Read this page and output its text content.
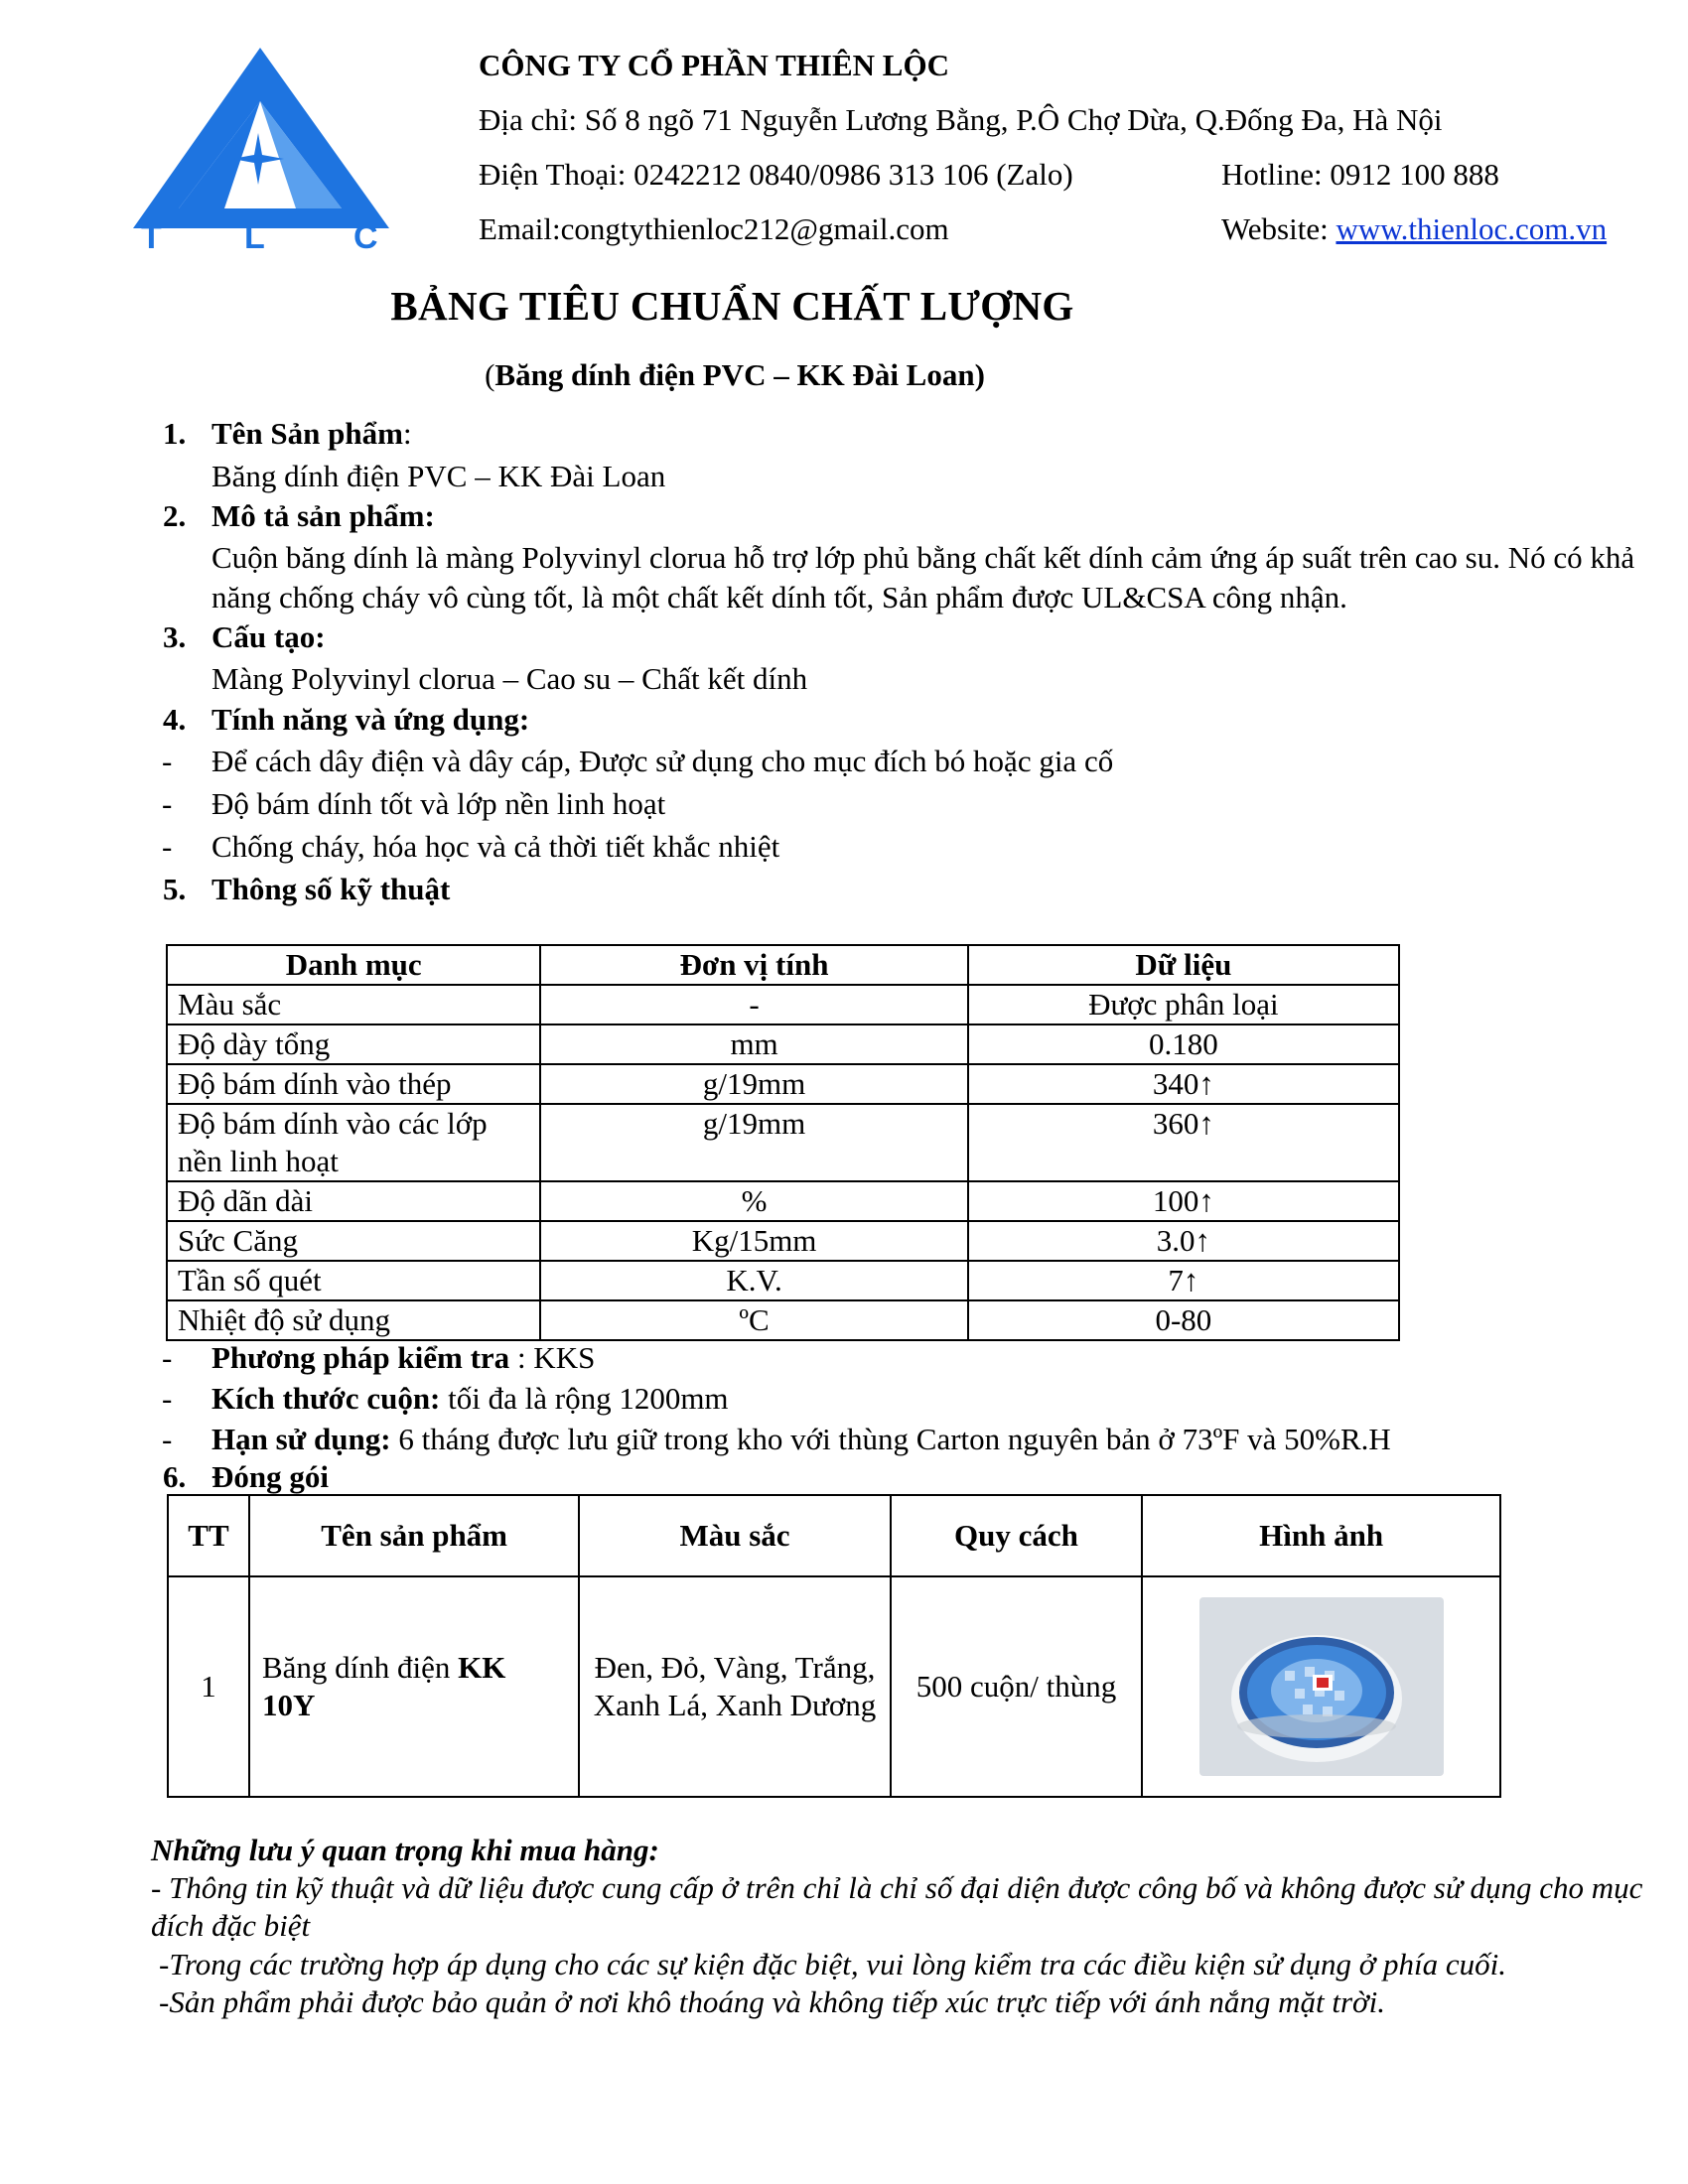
T L	C
CÔNG TY CỔ PHẦN THIÊN LỘC
Địa chỉ: Số 8 ngõ 71 Nguyễn Lương Bằng, P.Ô Chợ Dừa, Q.Đống Đa, Hà Nội
Điện Thoại: 0242212 0840/0986 313 106 (Zalo)	Hotline: 0912 100 888
Email:congtythienloc212@gmail.com	Website: www.thienloc.com.vn
BẢNG TIÊU CHUẨN CHẤT LƯỢNG
(Băng dính điện PVC – KK Đài Loan)
1. Tên Sản phẩm:
Băng dính điện PVC – KK Đài Loan
2. Mô tả sản phẩm:
Cuộn băng dính là màng Polyvinyl clorua hỗ trợ lớp phủ bằng chất kết dính cảm ứng áp suất trên cao su. Nó có khả năng chống cháy vô cùng tốt, là một chất kết dính tốt, Sản phẩm được UL&CSA công nhận.
3. Cấu tạo:
Màng Polyvinyl clorua – Cao su – Chất kết dính
4. Tính năng và ứng dụng:
- Để cách dây điện và dây cáp, Được sử dụng cho mục đích bó hoặc gia cố
- Độ bám dính tốt và lớp nền linh hoạt
- Chống cháy, hóa học và cả thời tiết khắc nhiệt
5. Thông số kỹ thuật
Danh mục	Đơn vị tính	Dữ liệu
Màu sắc	-	Được phân loại
Độ dày tổng	mm	0.180
Độ bám dính vào thép	g/19mm	340↑
Độ bám dính vào các lớp nền linh hoạt	g/19mm	360↑
Độ dãn dài	%	100↑
Sức Căng	Kg/15mm	3.0↑
Tần số quét	K.V.	7↑
Nhiệt độ sử dụng	ºC	0-80
- Phương pháp kiểm tra : KKS
- Kích thước cuộn: tối đa là rộng 1200mm
- Hạn sử dụng: 6 tháng được lưu giữ trong kho với thùng Carton nguyên bản ở 73ºF và 50%R.H
6. Đóng gói
TT	Tên sản phẩm	Màu sắc	Quy cách	Hình ảnh
1	Băng dính điện KK 10Y	Đen, Đỏ, Vàng, Trắng, Xanh Lá, Xanh Dương	500 cuộn/ thùng	
Những lưu ý quan trọng khi mua hàng:
- Thông tin kỹ thuật và dữ liệu được cung cấp ở trên chỉ là chỉ số đại diện được công bố và không được sử dụng cho mục đích đặc biệt
-Trong các trường hợp áp dụng cho các sự kiện đặc biệt, vui lòng kiểm tra các điều kiện sử dụng ở phía cuối.
-Sản phẩm phải được bảo quản ở nơi khô thoáng và không tiếp xúc trực tiếp với ánh nắng mặt trời.
